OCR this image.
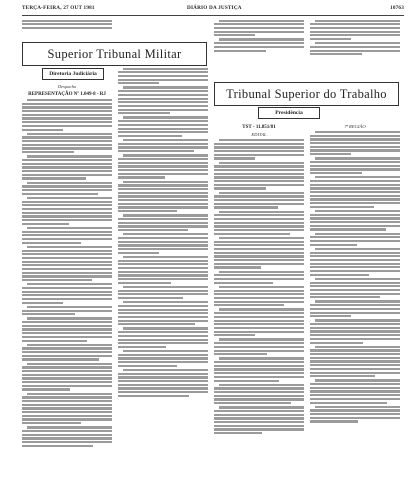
TERÇA-FEIRA, 27 OUT 1981	DIÁRIO DA JUSTIÇA	10763
Superior Tribunal Militar
Diretoria Judiciária
Despacho
REPRESENTAÇÃO Nº 1.049-8 - RJ	Tribunal Superior do Trabalho
Presidência
TST - 11.851/81
EDITAL
7ª REGIÃO
